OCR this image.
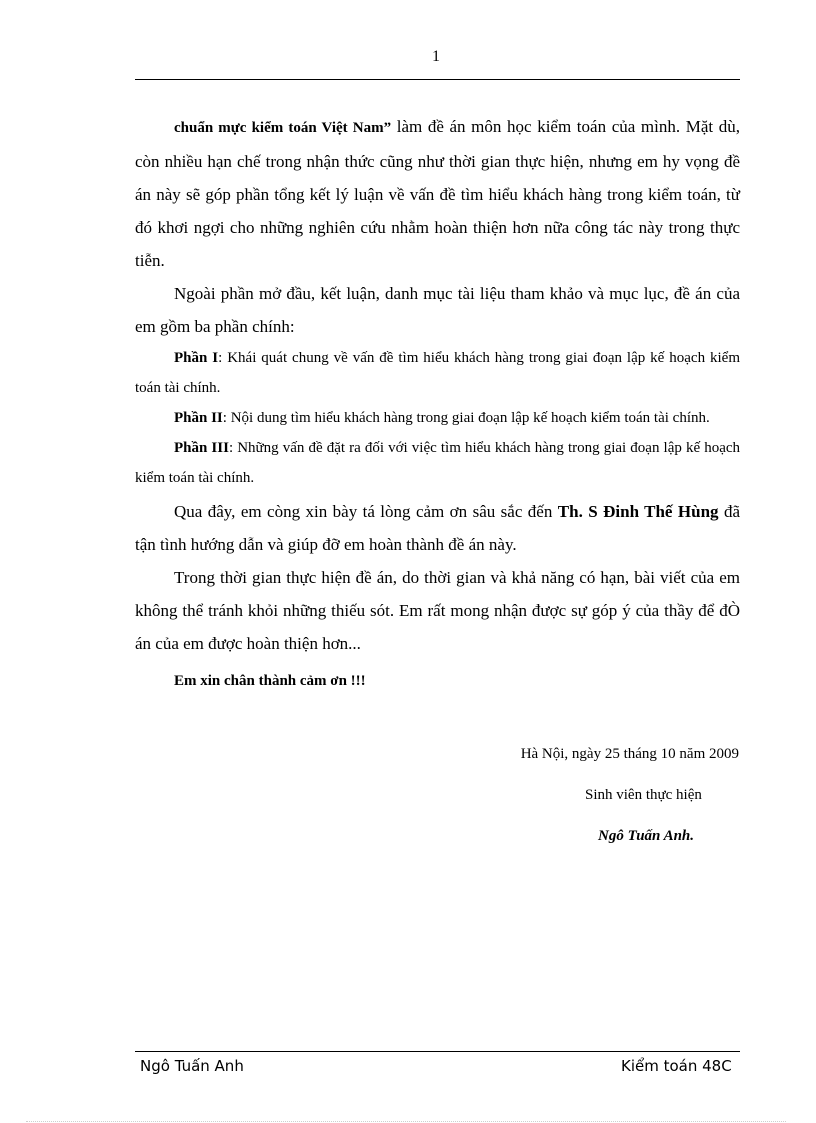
1

chuẩn mực kiểm toán Việt Nam” làm đề án môn học kiểm toán của mình. Mặt dù, còn nhiều hạn chế trong nhận thức cũng như thời gian thực hiện, nhưng em hy vọng đề án này sẽ góp phần tổng kết lý luận về vấn đề tìm hiểu khách hàng trong kiểm toán, từ đó khơi ngợi cho những nghiên cứu nhằm hoàn thiện hơn nữa công tác này trong thực tiễn.

Ngoài phần mở đầu, kết luận, danh mục tài liệu tham khảo và mục lục, đề án của em gồm ba phần chính:

Phần I: Khái quát chung về vấn đề tìm hiểu khách hàng trong giai đoạn lập kế hoạch kiểm toán tài chính.

Phần II: Nội dung tìm hiểu khách hàng trong giai đoạn lập kế hoạch kiểm toán tài chính.

Phần III: Những vấn đề đặt ra đối với việc tìm hiểu khách hàng trong giai đoạn lập kế hoạch kiểm toán tài chính.

Qua đây, em còng xin bày tá lòng cảm ơn sâu sắc đến Th. S Đinh Thế Hùng đã tận tình hướng dẫn và giúp đỡ em hoàn thành đề án này.

Trong thời gian thực hiện đề án, do thời gian và khả năng có hạn, bài viết của em không thể tránh khỏi những thiếu sót. Em rất mong nhận được sự góp ý của thầy để đÒ án của em được hoàn thiện hơn...

Em xin chân thành cảm ơn !!!

Hà Nội, ngày 25 tháng 10 năm 2009
Sinh viên thực hiện
Ngô Tuấn Anh.
Ngô Tuấn Anh	Kiểm toán 48C
